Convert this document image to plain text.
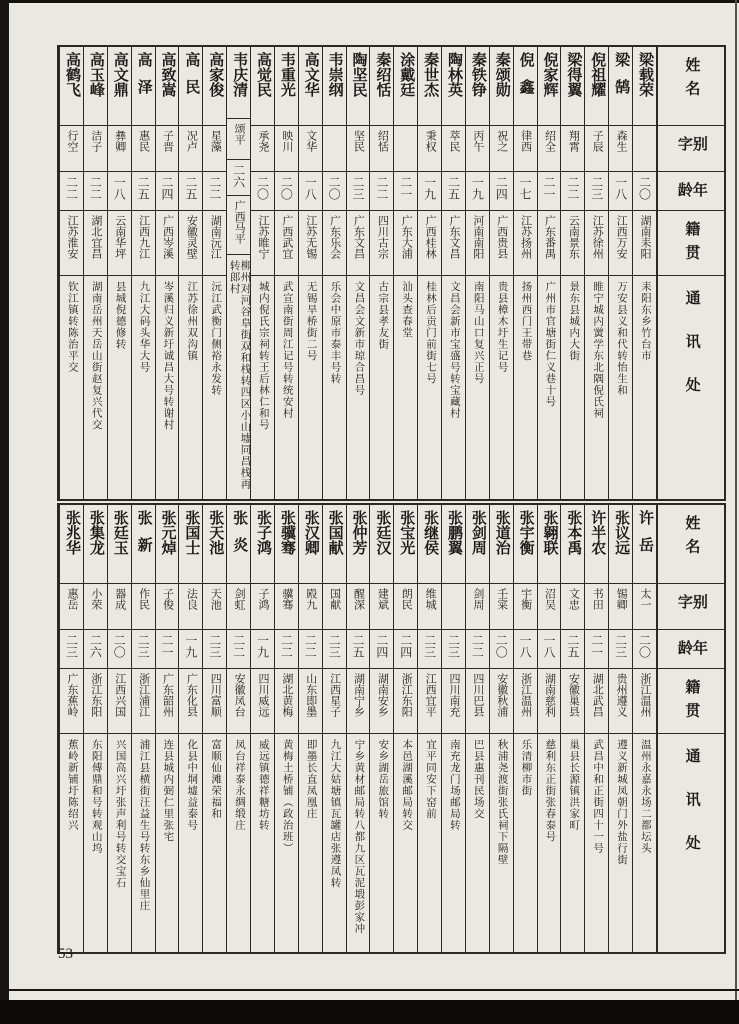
高鹤飞
行空
二二
江苏淮安
钦江镇转陈治平交
高玉峰
洁子
二二
湖北宜昌
湖南岳州天岳山街赵复兴代交
高文鼎
彝卿
一八
云南华坪
县城倪德修转
高泽
惠民
二五
江西九江
九江大码头华大号
高致嵩
子晋
二四
广西岑溪
岑溪归义新圩诚昌大号转谢村
高民
况卢
二五
安徽灵壁
江苏徐州双沟镇
高家俊
星藻
二二
湖南沅江
沅江武衡门侧裕永发转
韦庆清
颂平
二六
广西马平
柳州对河谷阜街双和栈转四区小山墟同昌栈再转郎村
高觉民
承尧
二〇
江苏睢宁
城内倪氏宗祠转王后林仁和号
韦重光
映川
二〇
广西武宜
武宣南街周江记号转统安村
高文华
文华
一八
江苏无锡
无锡旱桥街二号
韦崇纲
二〇
广东乐会
乐会中原市泰丰号转
陶坚民
坚民
二三
广东文昌
文昌会文新市琼合昌号
秦绍恬
绍恬
二二
四川古宗
古宗县孝友街
涂戴廷
二一
广东大浦
汕头查春堂
秦世杰
秉权
一九
广西桂林
桂林后贡门前街七号
陶林英
萃民
二五
广东文昌
文昌会新市宝盛号转宝藏村
秦铁铮
丙午
一九
河南南阳
南阳马山口复兴正号
秦颂勋
祝之
二四
广西贵县
贵县樟木圩生记号
倪鑫
律西
一七
江苏扬州
扬州西门王带巷
倪家辉
绍全
二一
广东番禺
广州市官塘街仁义巷十号
梁得翼
翔霄
二二
云南景东
景东县城内大街
倪祖耀
子辰
二三
江苏徐州
睢宁城内黉学东北隅倪氏祠
梁鹄
森生
一八
江西万安
万安县义和代转怡生和
梁载荣
二〇
湖南耒阳
耒阳东乡竹台市
姓名
别字
年龄
籍贯
通讯处
张兆华
惠岳
二三
广东蕉岭
蕉岭新铺圩陈绍兴
张集龙
小荣
二六
浙江东阳
东阳傅鼎和号转观山坞
张廷玉
器成
二〇
江西兴国
兴国高兴圩张声利号转交宝石
张新
作民
二三
浙江浦江
浦江县横街汪益生号转东乡仙里庄
张元焯
子俊
二一
广东韶州
连县城内弼仁里张宅
张国士
法良
一九
广东化县
化县中垌墟益泰号
张天池
天池
二三
四川富顺
富顺仙滩荣福和
张炎
剑虹
二二
安徽凤台
凤台祥泰永绸缎庄
张子鸿
子鸿
一九
四川威远
威远镇德祥糖坊转
张骥骞
骥骞
二二
湖北黄梅
黄梅土桥铺（政治班）
张汉卿
殿九
二二
山东即墨
即墨长直凤凰庄
张国献
国献
二三
江西星子
九江大姑塘镇瓦罐店张遵凤转
张仲芳
醒深
二五
湖南宁乡
宁乡黄材邮局转八都九区瓦泥塅彭家冲
张廷汉
建斌
二四
湖南安乡
安乡湖岳旅馆转
张宝光
朗民
二四
浙江东阳
本邑湖溪邮局转交
张继侯
维城
二三
江西宜平
宜平同安下窑前
张鹏翼
二三
四川南充
南充龙门场邮局转
张剑周
剑周
二二
四川巴县
巴县惠刊民场交
张道治
壬寀
二〇
安徽秋浦
秋浦尧渡街张氏祠下隔壁
张宇衡
宇衡
一八
浙江温州
乐清柳市街
张翱联
沼吴
一八
湖南慈利
慈利东正街张春泰号
张本禹
文忠
二五
安徽巢县
巢县长源镇洪家町
许半农
书田
二一
湖北武昌
武昌中和正街四十一号
张议远
锡卿
二三
贵州遵义
遵义新城凤朝门外盐行街
许岳
太一
二〇
浙江温州
温州永嘉永场二都坛头
姓名
别字
年龄
籍贯
通讯处
53
